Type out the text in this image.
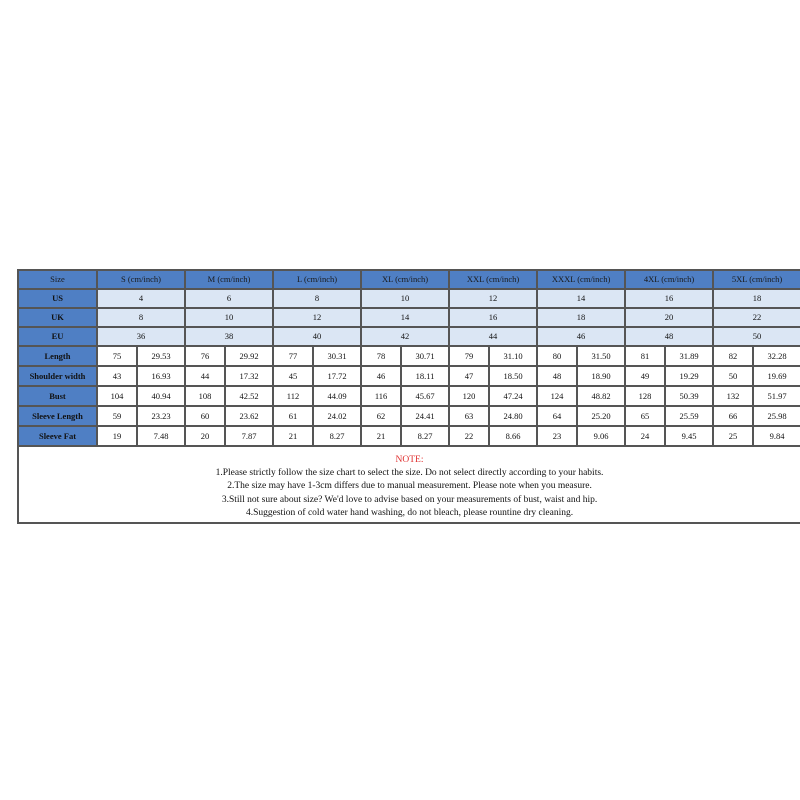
Size	S (cm/inch)		M (cm/inch)		L (cm/inch)		XL (cm/inch)		XXL (cm/inch)		XXXL (cm/inch)		4XL (cm/inch)		5XL (cm/inch)	
US	4		6		8		10		12		14		16		18	
UK	8		10		12		14		16		18		20		22	
EU	36		38		40		42		44		46		48		50	
Length	75	29.53	76	29.92	77	30.31	78	30.71	79	31.10	80	31.50	81	31.89	82	32.28
Shoulder width	43	16.93	44	17.32	45	17.72	46	18.11	47	18.50	48	18.90	49	19.29	50	19.69
Bust	104	40.94	108	42.52	112	44.09	116	45.67	120	47.24	124	48.82	128	50.39	132	51.97
Sleeve Length	59	23.23	60	23.62	61	24.02	62	24.41	63	24.80	64	25.20	65	25.59	66	25.98
Sleeve Fat	19	7.48	20	7.87	21	8.27	21	8.27	22	8.66	23	9.06	24	9.45	25	9.84

NOTE:
1.Please strictly follow the size chart to select the size. Do not select directly according to your habits.
2.The size may have 1-3cm differs due to manual measurement. Please note when you measure.
3.Still not sure about size? We'd love to advise based on your measurements of bust, waist and hip.
4.Suggestion of cold water hand washing, do not bleach, please rountine dry cleaning.																
